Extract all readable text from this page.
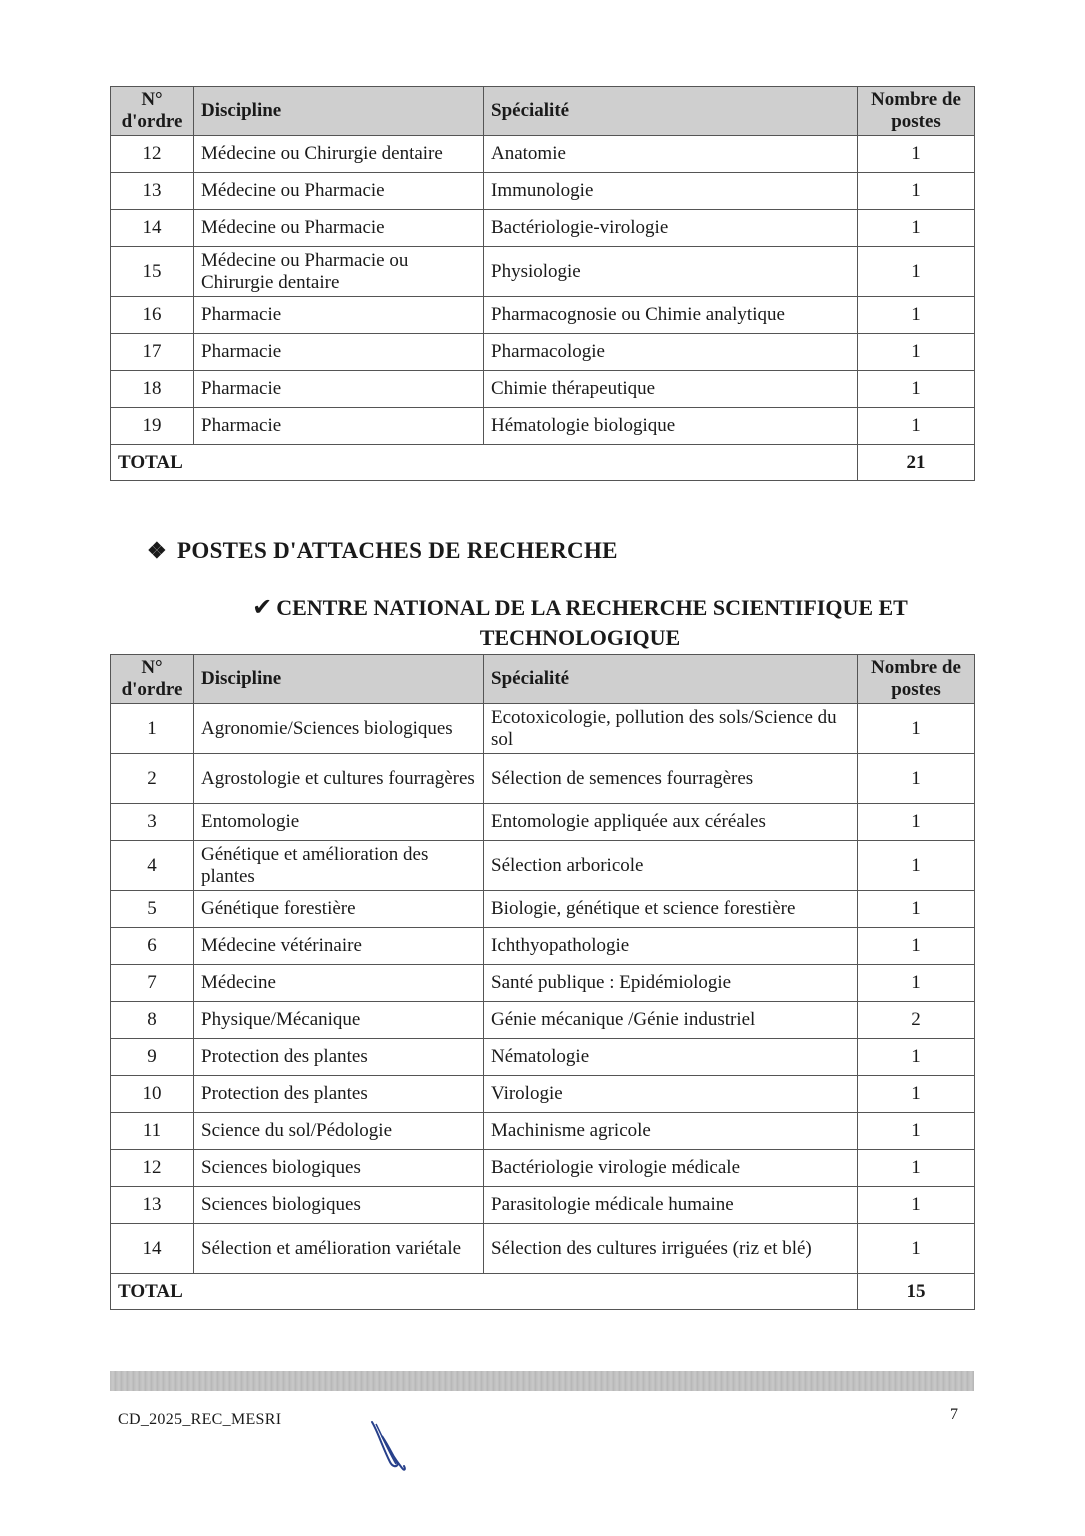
N° d'ordre	Discipline	Spécialité	Nombre de postes
12	Médecine ou Chirurgie dentaire	Anatomie	1
13	Médecine ou Pharmacie	Immunologie	1
14	Médecine ou Pharmacie	Bactériologie-virologie	1
15	Médecine ou Pharmacie ou Chirurgie dentaire	Physiologie	1
16	Pharmacie	Pharmacognosie ou Chimie analytique	1
17	Pharmacie	Pharmacologie	1
18	Pharmacie	Chimie thérapeutique	1
19	Pharmacie	Hématologie biologique	1
TOTAL			21
❖ POSTES D'ATTACHES DE RECHERCHE
✔ CENTRE NATIONAL DE LA RECHERCHE SCIENTIFIQUE ET TECHNOLOGIQUE
N° d'ordre	Discipline	Spécialité	Nombre de postes
1	Agronomie/Sciences biologiques	Ecotoxicologie, pollution des sols/Science du sol	1
2	Agrostologie et cultures fourragères	Sélection de semences fourragères	1
3	Entomologie	Entomologie appliquée aux céréales	1
4	Génétique et amélioration des plantes	Sélection arboricole	1
5	Génétique forestière	Biologie, génétique et science forestière	1
6	Médecine vétérinaire	Ichthyopathologie	1
7	Médecine	Santé publique : Epidémiologie	1
8	Physique/Mécanique	Génie mécanique /Génie industriel	2
9	Protection des plantes	Nématologie	1
10	Protection des plantes	Virologie	1
11	Science du sol/Pédologie	Machinisme agricole	1
12	Sciences biologiques	Bactériologie virologie médicale	1
13	Sciences biologiques	Parasitologie médicale humaine	1
14	Sélection et amélioration variétale	Sélection des cultures irriguées (riz et blé)	1
TOTAL			15
CD_2025_REC_MESRI	7
